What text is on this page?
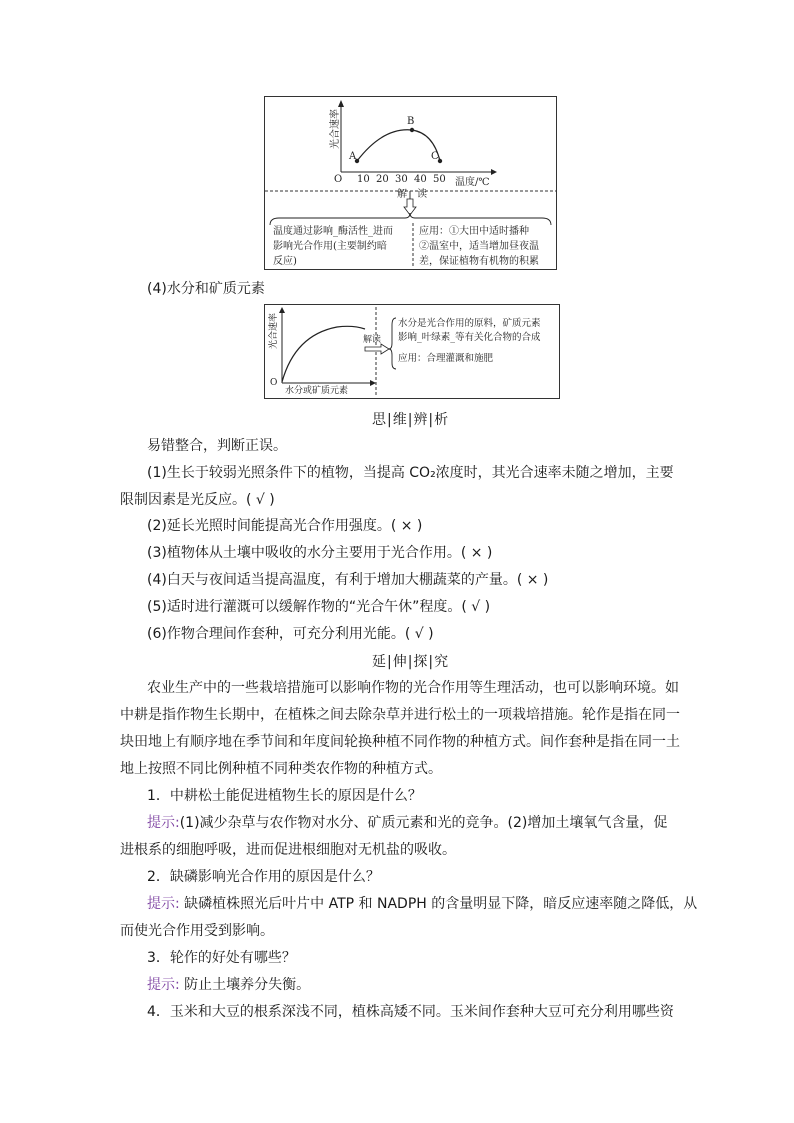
A
B
C
O 10 20 30 40 50 温度/℃
光合速率
解 读
温度通过影响_酶活性_进而
影响光合作用(主要制约暗
反应)
应用：①大田中适时播种
②温室中，适当增加昼夜温
差，保证植物有机物的积累
(4)水分和矿质元素
O
水分或矿质元素
光合速率	解读
水分是光合作用的原料，矿质元素
影响_叶绿素_等有关化合物的合成
应用：合理灌溉和施肥
思|维|辨|析
易错整合，判断正误。
(1)生长于较弱光照条件下的植物，当提高 CO₂浓度时，其光合速率未随之增加，主要
限制因素是光反应。( √ )
(2)延长光照时间能提高光合作用强度。( × )
(3)植物体从土壤中吸收的水分主要用于光合作用。( × )
(4)白天与夜间适当提高温度，有利于增加大棚蔬菜的产量。( × )
(5)适时进行灌溉可以缓解作物的“光合午休”程度。( √ )
(6)作物合理间作套种，可充分利用光能。( √ )
延|伸|探|究
农业生产中的一些栽培措施可以影响作物的光合作用等生理活动，也可以影响环境。如
中耕是指作物生长期中，在植株之间去除杂草并进行松土的一项栽培措施。轮作是指在同一
块田地上有顺序地在季节间和年度间轮换种植不同作物的种植方式。间作套种是指在同一土
地上按照不同比例种植不同种类农作物的种植方式。
1．中耕松土能促进植物生长的原因是什么？
提示:(1)减少杂草与农作物对水分、矿质元素和光的竞争。(2)增加土壤氧气含量，促
进根系的细胞呼吸，进而促进根细胞对无机盐的吸收。
2．缺磷影响光合作用的原因是什么？
提示: 缺磷植株照光后叶片中 ATP 和 NADPH 的含量明显下降，暗反应速率随之降低，从
而使光合作用受到影响。
3．轮作的好处有哪些？
提示: 防止土壤养分失衡。
4．玉米和大豆的根系深浅不同，植株高矮不同。玉米间作套种大豆可充分利用哪些资
